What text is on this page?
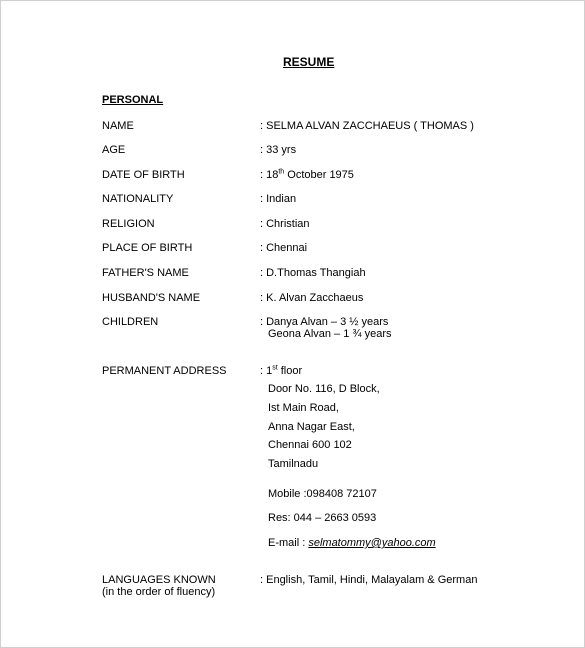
RESUME
PERSONAL
NAME	: SELMA ALVAN ZACCHAEUS ( THOMAS )
AGE	: 33 yrs
DATE OF BIRTH	: 18th October 1975
NATIONALITY	: Indian
RELIGION	: Christian
PLACE OF BIRTH	: Chennai
FATHER'S NAME	: D.Thomas Thangiah
HUSBAND'S NAME	: K. Alvan Zacchaeus
CHILDREN	: Danya Alvan – 3 ½ years
Geona Alvan – 1 ¾ years
PERMANENT ADDRESS	: 1st floor
Door No. 116, D Block,
Ist Main Road,
Anna Nagar East,
Chennai 600 102
Tamilnadu
Mobile :098408 72107
Res: 044 – 2663 0593
E-mail : selmatommy@yahoo.com
LANGUAGES KNOWN
(in the order of fluency)
: English, Tamil, Hindi, Malayalam & German
